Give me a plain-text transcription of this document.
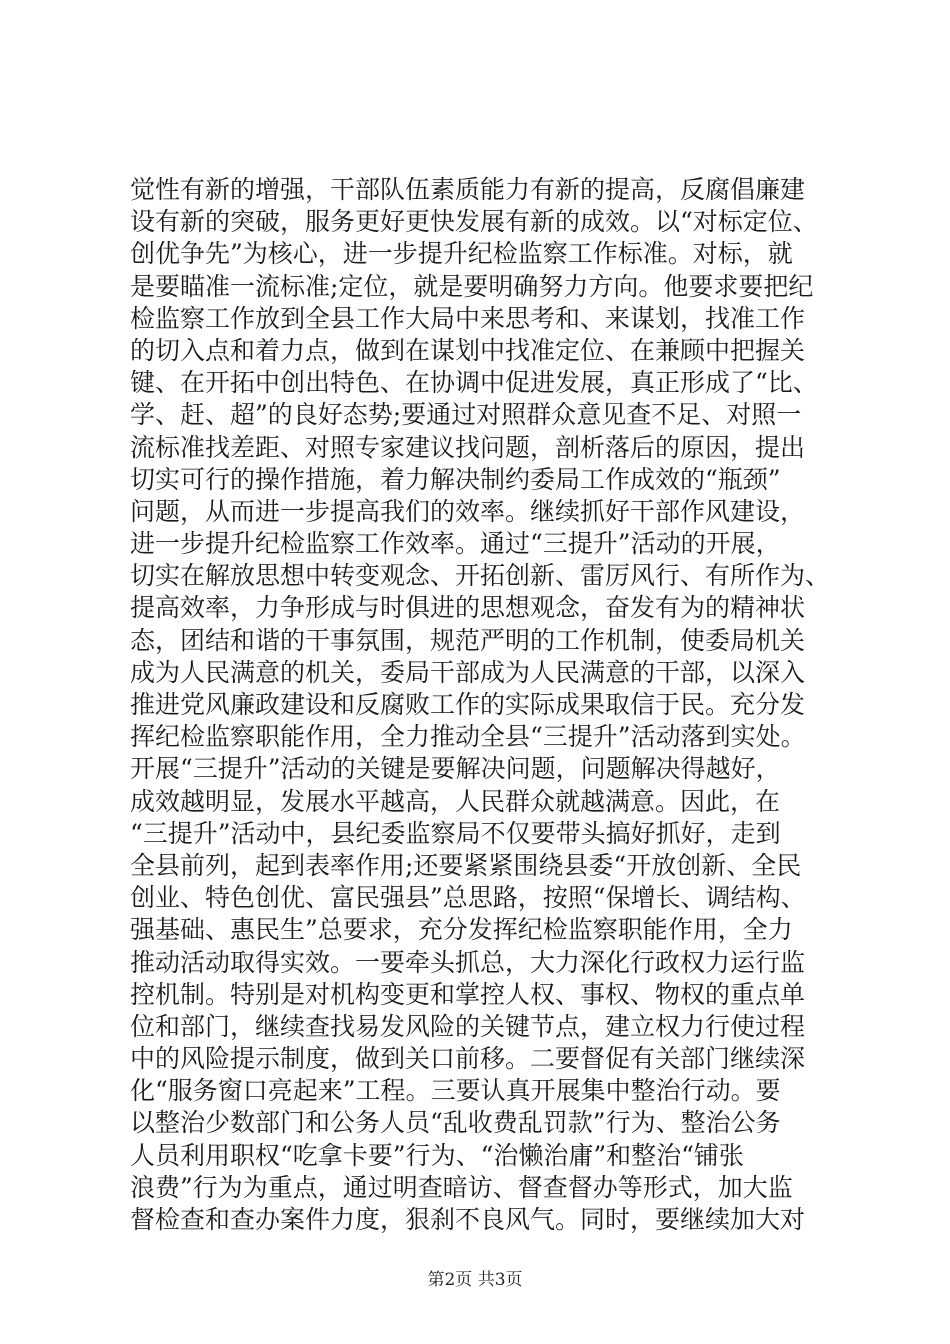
觉性有新的增强，干部队伍素质能力有新的提高，反腐倡廉建
设有新的突破，服务更好更快发展有新的成效。以“对标定位、
创优争先”为核心，进一步提升纪检监察工作标准。对标，就
是要瞄准一流标准;定位，就是要明确努力方向。他要求要把纪
检监察工作放到全县工作大局中来思考和、来谋划，找准工作
的切入点和着力点，做到在谋划中找准定位、在兼顾中把握关
键、在开拓中创出特色、在协调中促进发展，真正形成了“比、
学、赶、超”的良好态势;要通过对照群众意见查不足、对照一
流标准找差距、对照专家建议找问题，剖析落后的原因，提出
切实可行的操作措施，着力解决制约委局工作成效的“瓶颈”
问题，从而进一步提高我们的效率。继续抓好干部作风建设，
进一步提升纪检监察工作效率。通过“三提升”活动的开展，
切实在解放思想中转变观念、开拓创新、雷厉风行、有所作为、
提高效率，力争形成与时俱进的思想观念，奋发有为的精神状
态，团结和谐的干事氛围，规范严明的工作机制，使委局机关
成为人民满意的机关，委局干部成为人民满意的干部，以深入
推进党风廉政建设和反腐败工作的实际成果取信于民。充分发
挥纪检监察职能作用，全力推动全县“三提升”活动落到实处。
开展“三提升”活动的关键是要解决问题，问题解决得越好，
成效越明显，发展水平越高，人民群众就越满意。因此，在
“三提升”活动中，县纪委监察局不仅要带头搞好抓好，走到
全县前列，起到表率作用;还要紧紧围绕县委“开放创新、全民
创业、特色创优、富民强县”总思路，按照“保增长、调结构、
强基础、惠民生”总要求，充分发挥纪检监察职能作用，全力
推动活动取得实效。一要牵头抓总，大力深化行政权力运行监
控机制。特别是对机构变更和掌控人权、事权、物权的重点单
位和部门，继续查找易发风险的关键节点，建立权力行使过程
中的风险提示制度，做到关口前移。二要督促有关部门继续深
化“服务窗口亮起来”工程。三要认真开展集中整治行动。要
以整治少数部门和公务人员“乱收费乱罚款”行为、整治公务
人员利用职权“吃拿卡要”行为、“治懒治庸”和整治“铺张
浪费”行为为重点，通过明查暗访、督查督办等形式，加大监
督检查和查办案件力度，狠刹不良风气。同时，要继续加大对
第2页 共3页
